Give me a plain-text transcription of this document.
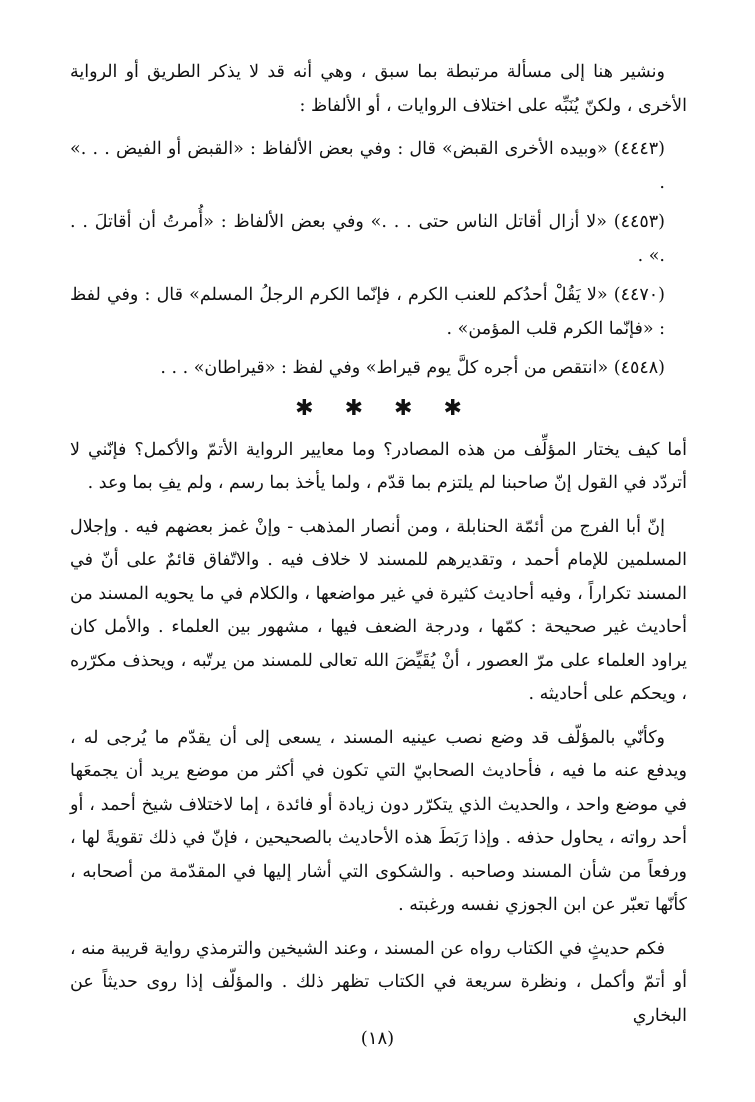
ونشير هنا إلى مسألة مرتبطة بما سبق ، وهي أنه قد لا يذكر الطريق أو الرواية الأخرى ، ولكنّ يُنَبِّه على اختلاف الروايات ، أو الألفاظ :

(٤٤٤٣) «وبيده الأخرى القبض» قال : وفي بعض الألفاظ : «القبض أو الفيض . . .» .

(٤٤٥٣) «لا أزال أقاتل الناس حتى . . .» وفي بعض الألفاظ : «أُمرتُ أن أقاتلَ . . .» .

(٤٤٧٠) «لا يَقُلْ أحدُكم للعنب الكرم ، فإنّما الكرم الرجلُ المسلم» قال : وفي لفظ : «فإنّما الكرم قلب المؤمن» .

(٤٥٤٨) «انتقص من أجره كلَّ يوم قيراط» وفي لفظ : «قيراطان» . . .

✱ ✱ ✱ ✱

أما كيف يختار المؤلِّف من هذه المصادر؟ وما معايير الرواية الأتمّ والأكمل؟ فإنّني لا أتردّد في القول إنّ صاحبنا لم يلتزم بما قدّم ، ولما يأخذ بما رسم ، ولم يفِ بما وعد .

إنّ أبا الفرج من أئمّة الحنابلة ، ومن أنصار المذهب - وإنْ غمز بعضهم فيه . وإجلال المسلمين للإمام أحمد ، وتقديرهم للمسند لا خلاف فيه . والاتّفاق قائمٌ على أنّ في المسند تكراراً ، وفيه أحاديث كثيرة في غير مواضعها ، والكلام في ما يحويه المسند من أحاديث غير صحيحة : كمّها ، ودرجة الضعف فيها ، مشهور بين العلماء . والأمل كان يراود العلماء على مرّ العصور ، أنْ يُقَيِّضَ الله تعالى للمسند من يرتّبه ، ويحذف مكرّره ، ويحكم على أحاديثه .

وكأنّي بالمؤلّف قد وضع نصب عينيه المسند ، يسعى إلى أن يقدّم ما يُرجى له ، ويدفع عنه ما فيه ، فأحاديث الصحابيّ التي تكون في أكثر من موضع يريد أن يجمعَها في موضع واحد ، والحديث الذي يتكرّر دون زيادة أو فائدة ، إما لاختلاف شيخ أحمد ، أو أحد رواته ، يحاول حذفه . وإذا رَبَطَ هذه الأحاديث بالصحيحين ، فإنّ في ذلك تقويةً لها ، ورفعاً من شأن المسند وصاحبه . والشكوى التي أشار إليها في المقدّمة من أصحابه ، كأنّها تعبّر عن ابن الجوزي نفسه ورغبته .

فكم حديثٍ في الكتاب رواه عن المسند ، وعند الشيخين والترمذي رواية قريبة منه ، أو أتمّ وأكمل ، ونظرة سريعة في الكتاب تظهر ذلك . والمؤلّف إذا روى حديثاً عن البخاري

(١٨)
